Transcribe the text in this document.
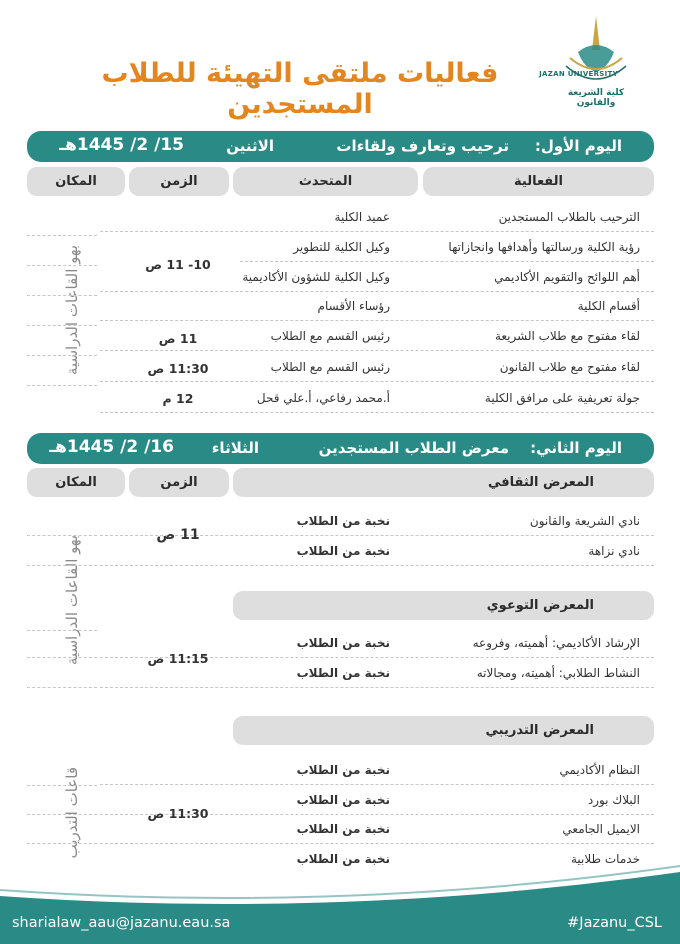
فعاليات ملتقى التهيئة للطلاب المستجدين
JAZAN UNIVERSITY
كلية الشريعة والقانون
اليوم الأول:
ترحيب وتعارف ولقاءات
الاثنين
15/ 2/ 1445هـ
الفعالية
المتحدث
الزمن
المكان
الترحيب بالطلاب المستجدين
عميد الكلية
رؤية الكلية ورسالتها وأهدافها وانجازاتها
وكيل الكلية للتطوير
أهم اللوائح والتقويم الأكاديمي
وكيل الكلية للشؤون الأكاديمية
أقسام الكلية
رؤساء الأقسام
لقاء مفتوح مع طلاب الشريعة
رئيس القسم مع الطلاب
لقاء مفتوح مع طلاب القانون
رئيس القسم مع الطلاب
جولة تعريفية على مرافق الكلية
أ.محمد رفاعي، أ.علي قحل
10- 11 ص
11 ص
11:30 ص
12 م
بهو القاعات الدراسية
اليوم الثاني:
معرض الطلاب المستجدين
الثلاثاء
16/ 2/ 1445هـ
المعرض الثقافي
الزمن
المكان
نادي الشريعة والقانون
نخبة من الطلاب
نادي نزاهة
نخبة من الطلاب
11 ص
المعرض التوعوي
الإرشاد الأكاديمي: أهميته، وفروعه
نخبة من الطلاب
النشاط الطلابي: أهميته، ومجالاته
نخبة من الطلاب
11:15 ص
بهو القاعات الدراسية
المعرض التدريبي
النظام الأكاديمي
نخبة من الطلاب
البلاك بورد
نخبة من الطلاب
الايميل الجامعي
نخبة من الطلاب
خدمات طلابية
نخبة من الطلاب
11:30 ص
قاعات التدريب
sharialaw_aau@jazanu.eau.sa	#Jazanu_CSL
